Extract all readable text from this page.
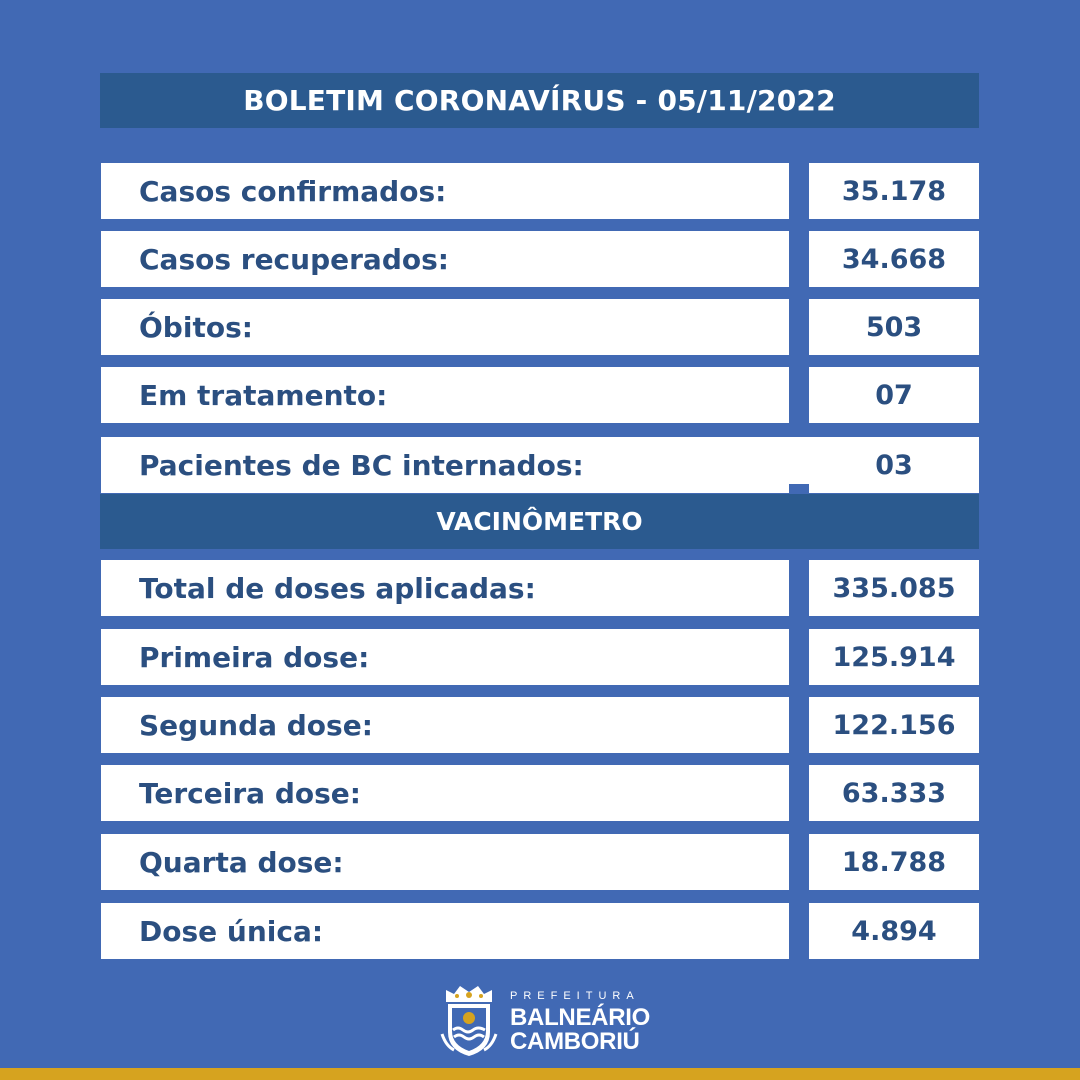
BOLETIM CORONAVÍRUS - 05/11/2022
Casos confirmados:	35.178
Casos recuperados:	34.668
Óbitos:	503
Em tratamento:	07
Pacientes de BC internados:	03
VACINÔMETRO
Total de doses aplicadas:	335.085
Primeira dose:	125.914
Segunda dose:	122.156
Terceira dose:	63.333
Quarta dose:	18.788
Dose única:	4.894
PREFEITURA
BALNEÁRIO
CAMBORIÚ
